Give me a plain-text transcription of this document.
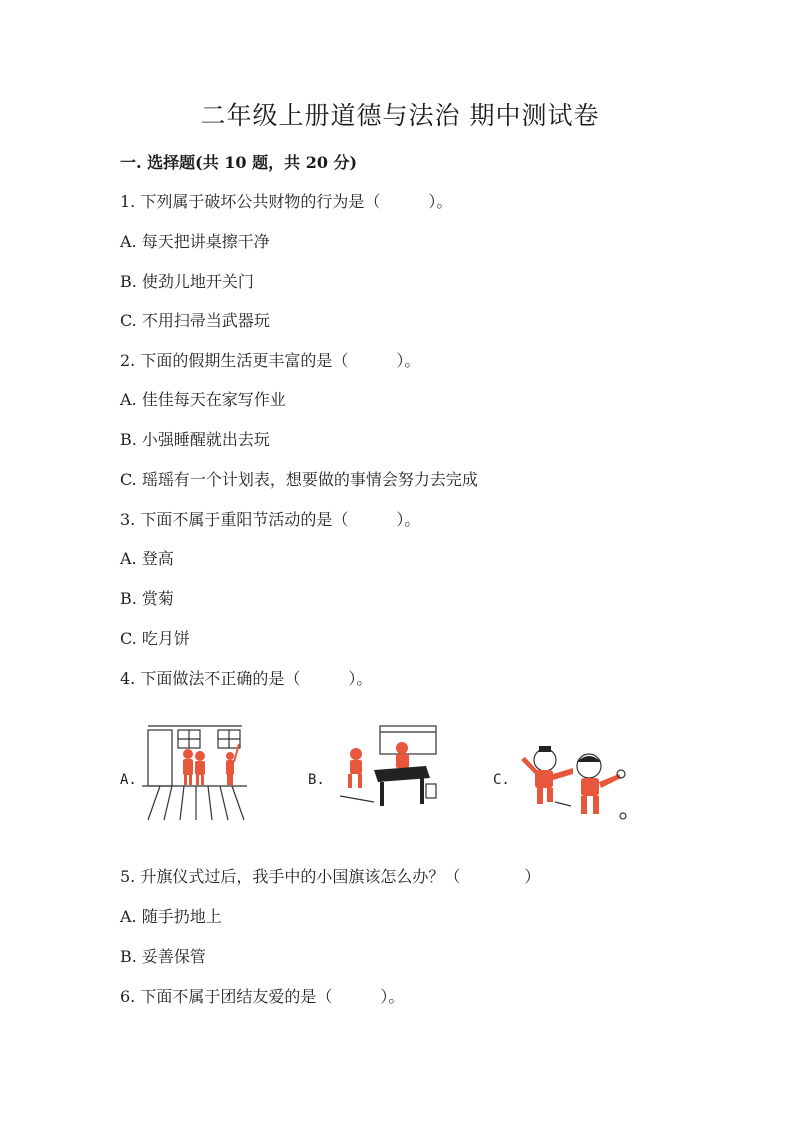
二年级上册道德与法治 期中测试卷
一. 选择题(共 10 题，共 20 分)
1. 下列属于破坏公共财物的行为是（　　　）。
A. 每天把讲桌擦干净
B. 使劲儿地开关门
C. 不用扫帚当武器玩
2. 下面的假期生活更丰富的是（　　　）。
A. 佳佳每天在家写作业
B. 小强睡醒就出去玩
C. 瑶瑶有一个计划表，想要做的事情会努力去完成
3. 下面不属于重阳节活动的是（　　　）。
A. 登高
B. 赏菊
C. 吃月饼
4. 下面做法不正确的是（　　　）。
A.	B.	C.
5. 升旗仪式过后，我手中的小国旗该怎么办？（　　　　）
A. 随手扔地上
B. 妥善保管
6. 下面不属于团结友爱的是（　　　）。
